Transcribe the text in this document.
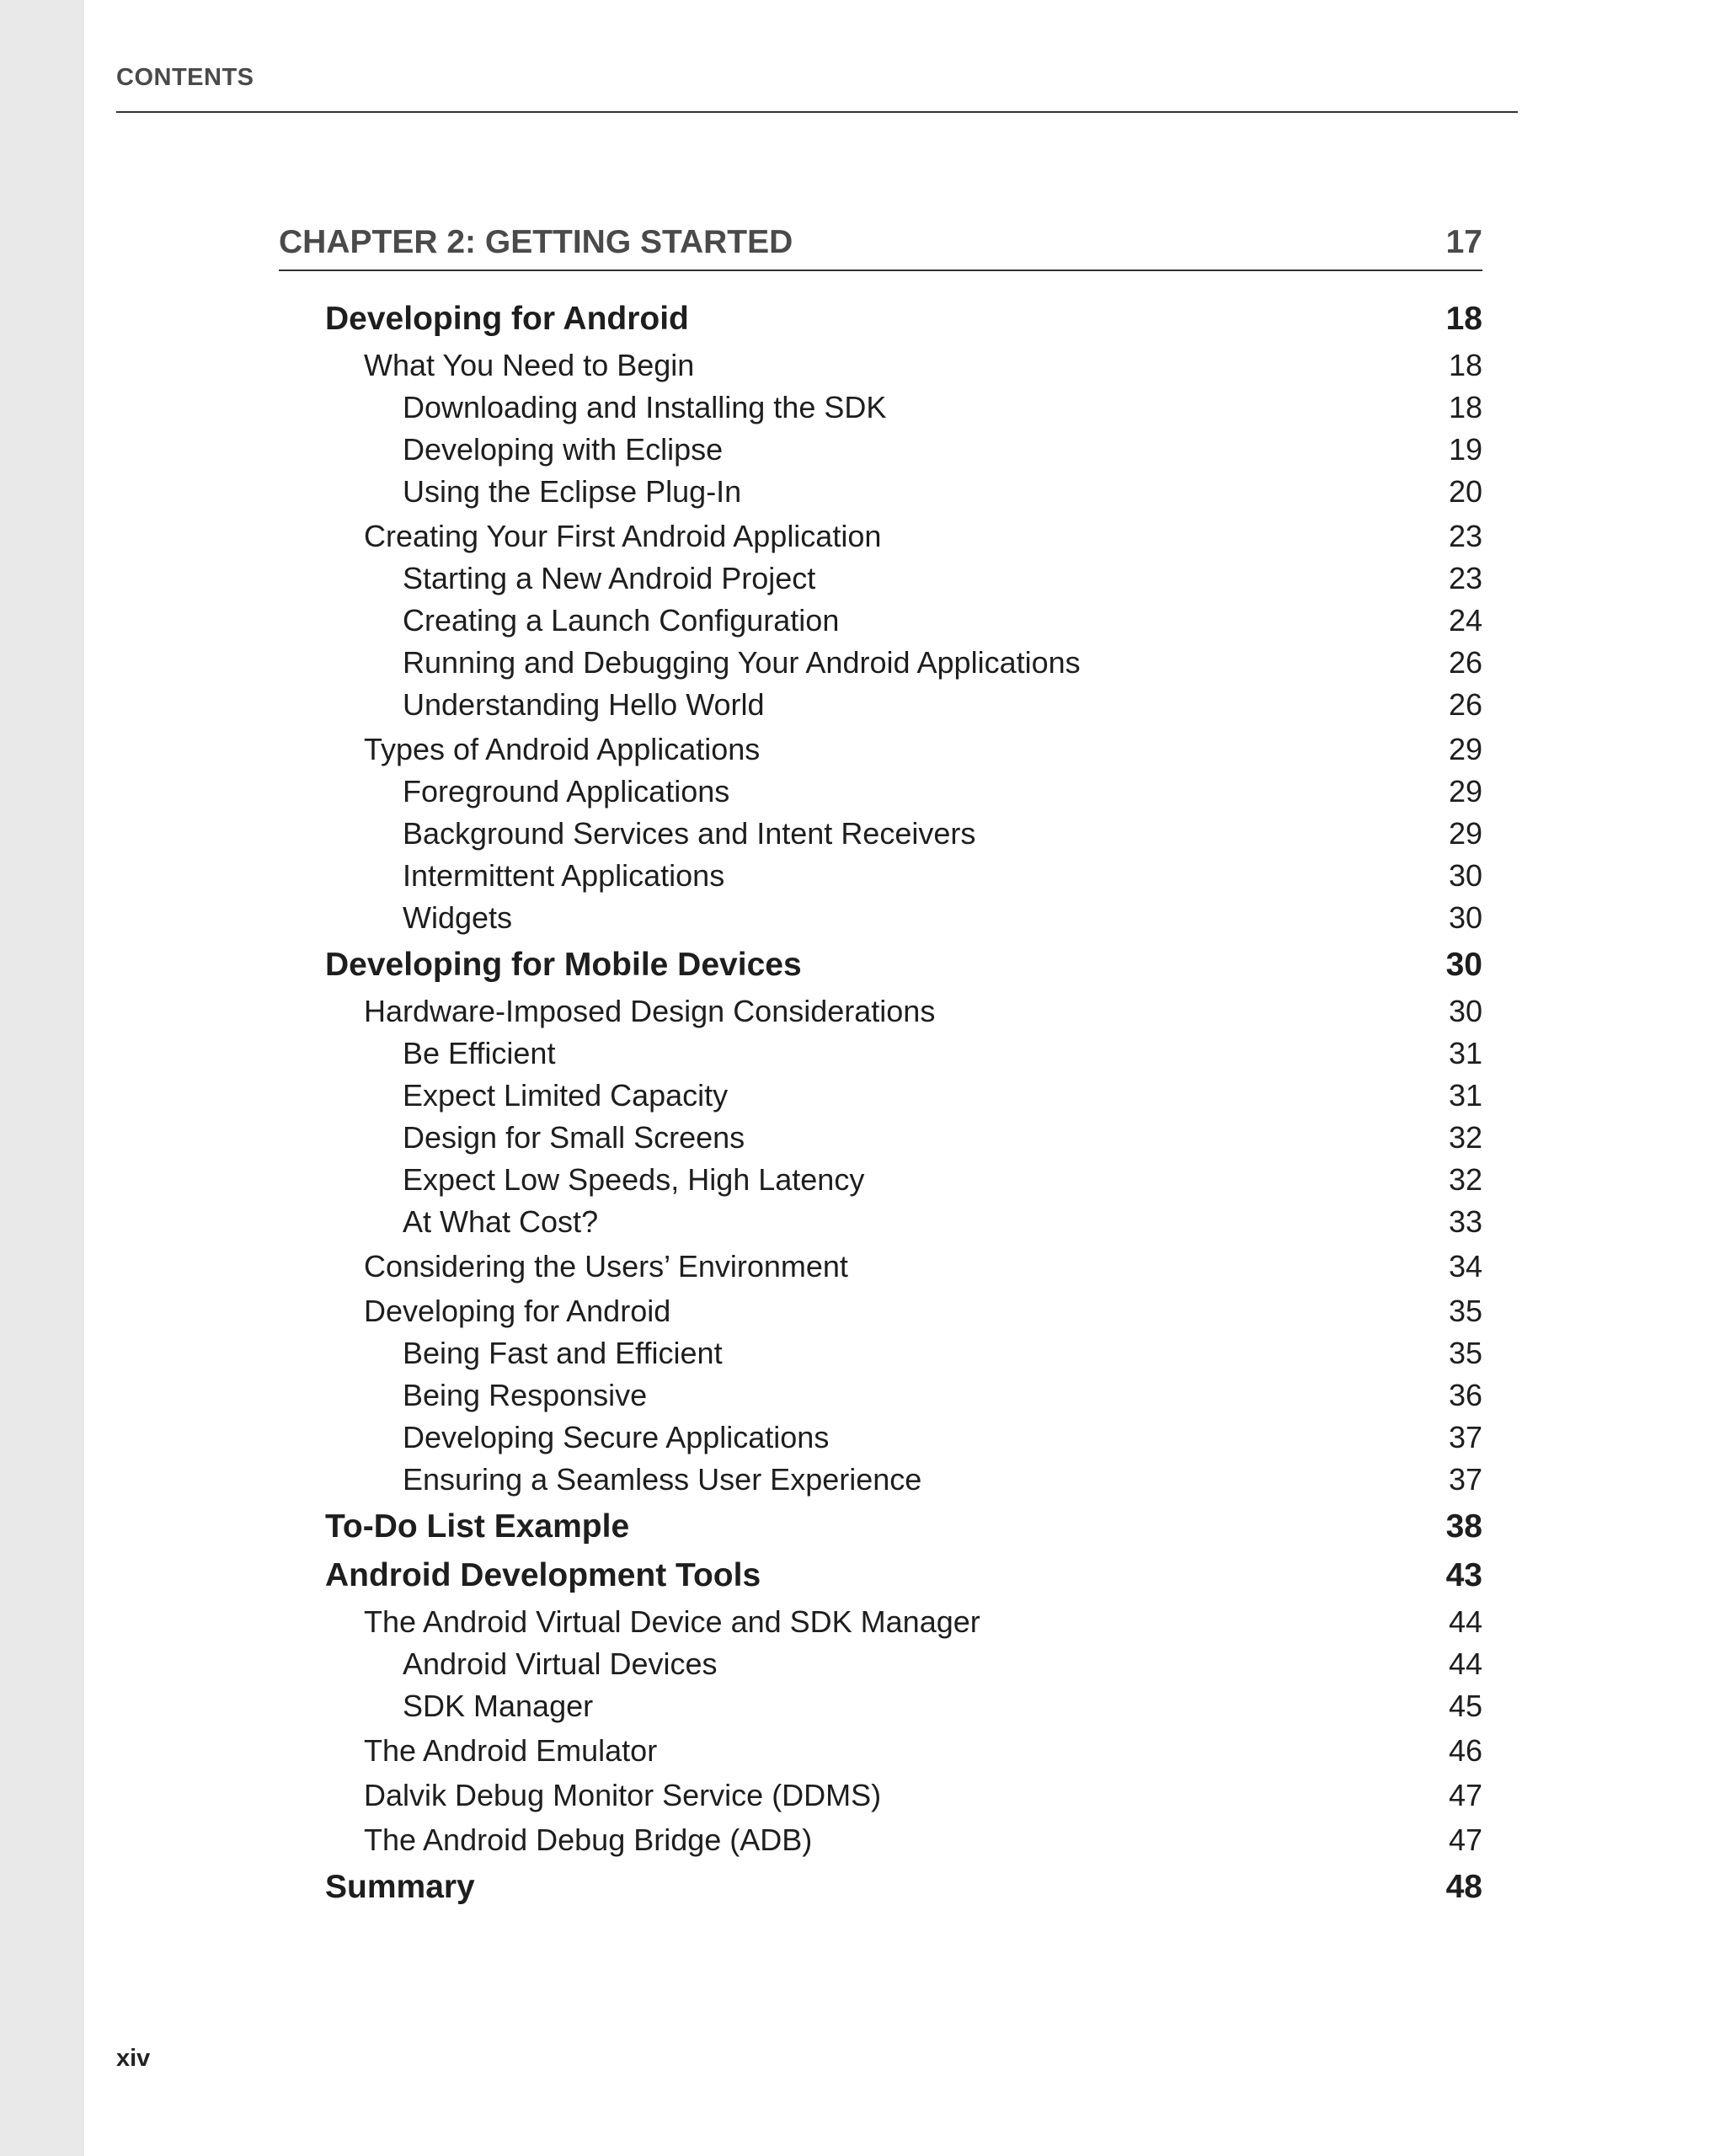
CONTENTS
CHAPTER 2: GETTING STARTED	17
Developing for Android	18
What You Need to Begin	18
Downloading and Installing the SDK	18
Developing with Eclipse	19
Using the Eclipse Plug-In	20
Creating Your First Android Application	23
Starting a New Android Project	23
Creating a Launch Configuration	24
Running and Debugging Your Android Applications	26
Understanding Hello World	26
Types of Android Applications	29
Foreground Applications	29
Background Services and Intent Receivers	29
Intermittent Applications	30
Widgets	30
Developing for Mobile Devices	30
Hardware-Imposed Design Considerations	30
Be Efficient	31
Expect Limited Capacity	31
Design for Small Screens	32
Expect Low Speeds, High Latency	32
At What Cost?	33
Considering the Users’ Environment	34
Developing for Android	35
Being Fast and Efficient	35
Being Responsive	36
Developing Secure Applications	37
Ensuring a Seamless User Experience	37
To-Do List Example	38
Android Development Tools	43
The Android Virtual Device and SDK Manager	44
Android Virtual Devices	44
SDK Manager	45
The Android Emulator	46
Dalvik Debug Monitor Service (DDMS)	47
The Android Debug Bridge (ADB)	47
Summary	48
xiv
